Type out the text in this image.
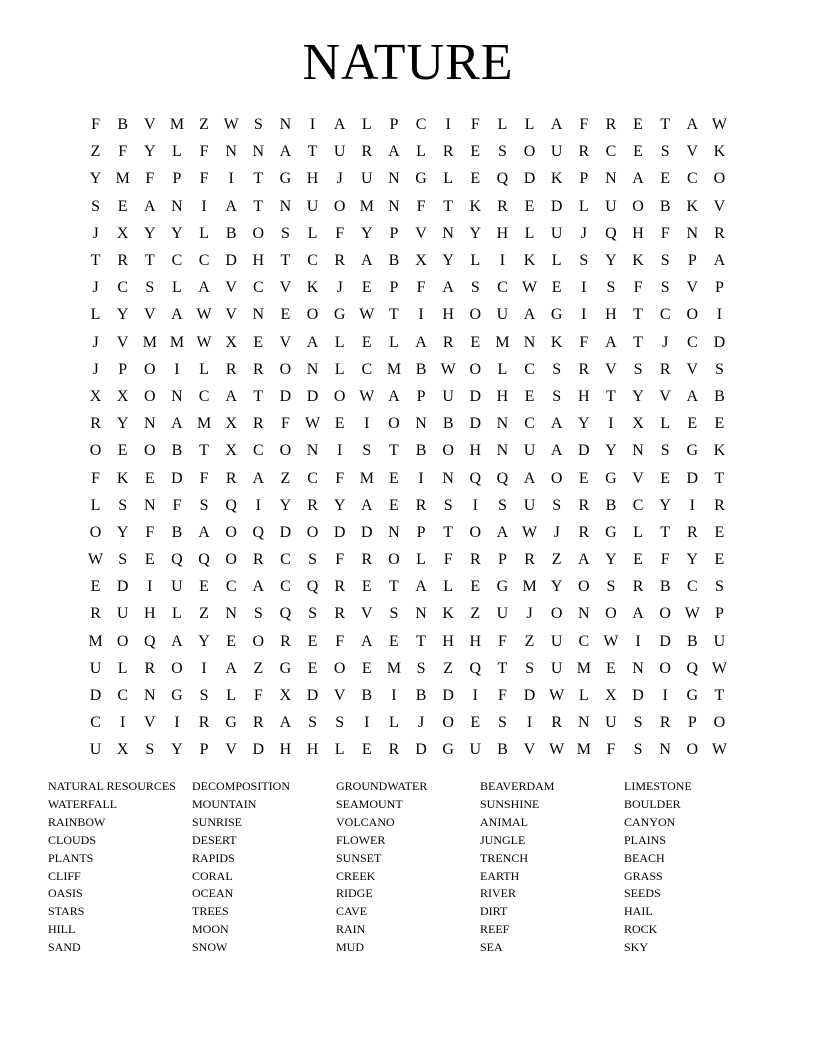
NATURE
F	B	V M Z W S	N	I	A	L	P	C	I	F	L	L	A	F	R	E	T	A W
Z	F	Y	L	F	N N A	T	U	R	A	L	R	E	S	O U	R	C	E	S	V K
Y M F	P	F	I	T	G H	J	U N G	L	E	Q D K	P	N A	E	C	O
S	E	A N	I	A	T	N U O M N	F	T	K	R	E	D	L	U O	B	K V
J	X Y Y	L	B	O	S	L	F	Y	P	V N Y H	L	U	J	Q H	F	N	R
T	R	T	C	C	D H	T	C	R	A	B	X Y	L	I	K	L	S	Y K	S	P	A
J	C	S	L	A V	C	V K	J	E	P	F	A	S	C W E	I	S	F	S	V	P
L	Y V A W V N	E	O G W T	I	H O U A G	I	H	T	C	O	I
J	V M M W X	E	V A	L	E	L	A	R	E M N K	F	A	T	J	C	D
J	P	O	I	L	R	R	O N	L	C M B W O	L	C	S	R	V	S	R	V	S
X X O N	C	A	T	D D O W A	P	U D H	E	S	H	T	Y V A	B
R	Y N A M X	R	F W E	I	O N	B	D N	C	A Y	I	X	L	E	E
O	E	O	B	T	X	C	O N	I	S	T	B	O H N U A D Y N	S	G K
F	K	E	D	F	R	A	Z	C	F M E	I	N Q Q A O	E	G V	E	D	T
L	S	N	F	S	Q	I	Y	R	Y A	E	R	S	I	S	U	S	R	B	C	Y	I	R
O Y	F	B	A O Q D O D D N	P	T	O A W	J	R	G	L	T	R	E
W S	E	Q Q O	R	C	S	F	R	O	L	F	R	P	R	Z	A Y	E	F	Y	E
E	D	I	U	E	C	A	C	Q	R	E	T	A	L	E	G M Y O	S	R	B	C	S
R	U H	L	Z	N	S	Q	S	R	V	S	N K	Z	U	J	O N O A O W P
M O Q A Y	E	O	R	E	F	A	E	T	H H	F	Z	U	C W	I	D	B	U
U	L	R	O	I	A	Z	G	E	O	E M S	Z	Q	T	S	U M E	N O Q W
D	C	N G	S	L	F	X D V	B	I	B	D	I	F	D W L	X D	I	G	T
C	I	V	I	R	G	R	A	S	S	I	L	J	O	E	S	I	R	N U	S	R	P	O
U X	S	Y	P	V D H H	L	E	R	D G U	B	V W M F	S	N O W
NATURAL RESOURCES
WATERFALL
RAINBOW
CLOUDS
PLANTS
CLIFF
OASIS
STARS
HILL
SAND
DECOMPOSITION
MOUNTAIN
SUNRISE
DESERT
RAPIDS
CORAL
OCEAN
TREES
MOON
SNOW
GROUNDWATER
SEAMOUNT
VOLCANO
FLOWER
SUNSET
CREEK
RIDGE
CAVE
RAIN
MUD
BEAVERDAM
SUNSHINE
ANIMAL
JUNGLE
TRENCH
EARTH
RIVER
DIRT
REEF
SEA
LIMESTONE
BOULDER
CANYON
PLAINS
BEACH
GRASS
SEEDS
HAIL
ROCK
SKY
